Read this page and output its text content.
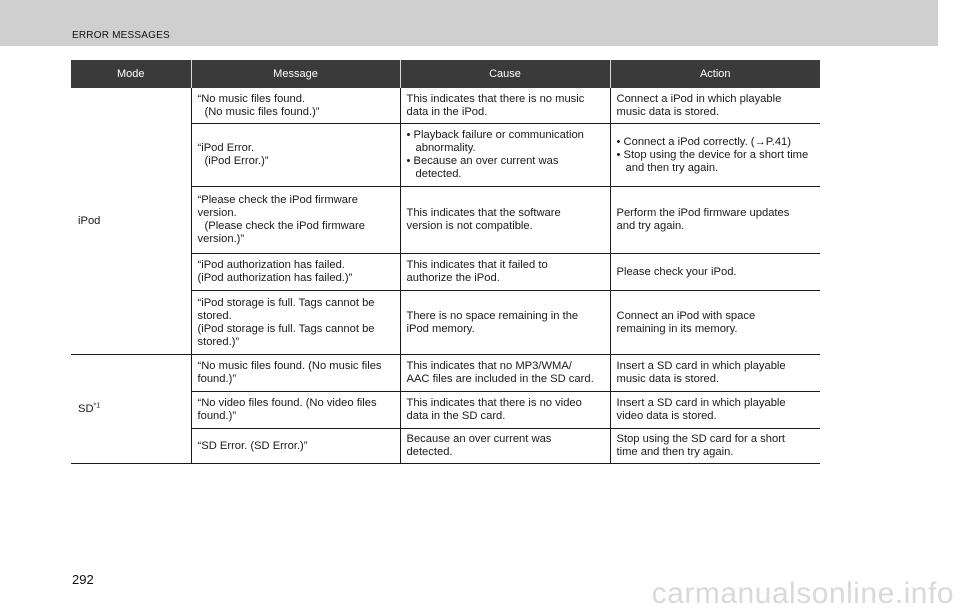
ERROR MESSAGES
Mode	Message	Cause	Action
iPod	“No music files found.
(No music files found.)”	This indicates that there is no music
data in the iPod.	Connect a iPod in which playable
music data is stored.

	“iPod Error.
(iPod Error.)”	• Playback failure or communication abnormality.
• Because an over current was detected.	• Connect a iPod correctly. (→P.41)
• Stop using the device for a short time and then try again.

	“Please check the iPod firmware
version.
(Please check the iPod firmware
version.)”	This indicates that the software
version is not compatible.	Perform the iPod firmware updates
and try again.

	“iPod authorization has failed.
(iPod authorization has failed.)”	This indicates that it failed to
authorize the iPod.	Please check your iPod.

	“iPod storage is full. Tags cannot be
stored.
(iPod storage is full. Tags cannot be
stored.)”	There is no space remaining in the
iPod memory.	Connect an iPod with space
remaining in its memory.

SD$^{*1}$	“No music files found. (No music files
found.)”	This indicates that no MP3/WMA/
AAC files are included in the SD card.	Insert a SD card in which playable
music data is stored.

	“No video files found. (No video files
found.)”	This indicates that there is no video
data in the SD card.	Insert a SD card in which playable
video data is stored.

	“SD Error. (SD Error.)”	Because an over current was
detected.	Stop using the SD card for a short
time and then try again.
292	carmanualsonline.info
